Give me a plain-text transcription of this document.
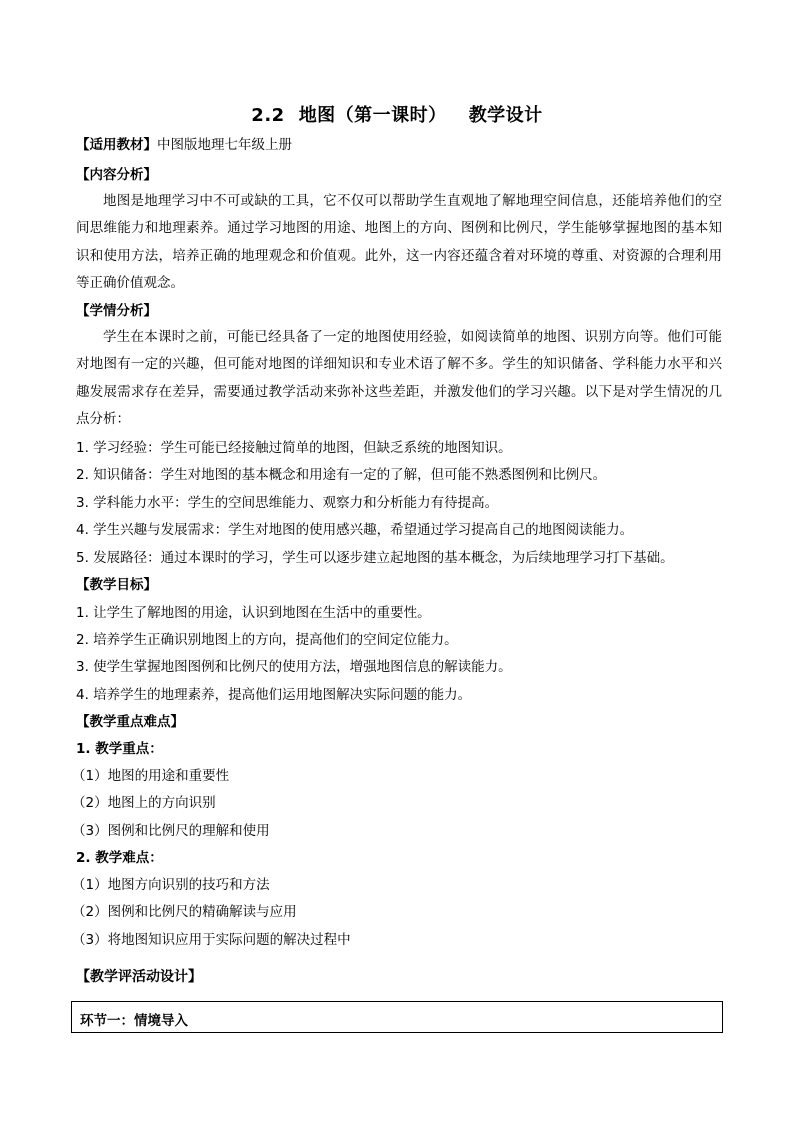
2.2 地图（第一课时） 教学设计
【适用教材】中图版地理七年级上册
【内容分析】
地图是地理学习中不可或缺的工具，它不仅可以帮助学生直观地了解地理空间信息，还能培养他们的空间思维能力和地理素养。通过学习地图的用途、地图上的方向、图例和比例尺，学生能够掌握地图的基本知识和使用方法，培养正确的地理观念和价值观。此外，这一内容还蕴含着对环境的尊重、对资源的合理利用等正确价值观念。
【学情分析】
学生在本课时之前，可能已经具备了一定的地图使用经验，如阅读简单的地图、识别方向等。他们可能对地图有一定的兴趣，但可能对地图的详细知识和专业术语了解不多。学生的知识储备、学科能力水平和兴趣发展需求存在差异，需要通过教学活动来弥补这些差距，并激发他们的学习兴趣。以下是对学生情况的几点分析：
1. 学习经验：学生可能已经接触过简单的地图，但缺乏系统的地图知识。
2. 知识储备：学生对地图的基本概念和用途有一定的了解，但可能不熟悉图例和比例尺。
3. 学科能力水平：学生的空间思维能力、观察力和分析能力有待提高。
4. 学生兴趣与发展需求：学生对地图的使用感兴趣，希望通过学习提高自己的地图阅读能力。
5. 发展路径：通过本课时的学习，学生可以逐步建立起地图的基本概念，为后续地理学习打下基础。
【教学目标】
1. 让学生了解地图的用途，认识到地图在生活中的重要性。
2. 培养学生正确识别地图上的方向，提高他们的空间定位能力。
3. 使学生掌握地图图例和比例尺的使用方法，增强地图信息的解读能力。
4. 培养学生的地理素养，提高他们运用地图解决实际问题的能力。
【教学重点难点】
1. 教学重点：
（1）地图的用途和重要性
（2）地图上的方向识别
（3）图例和比例尺的理解和使用
2. 教学难点：
（1）地图方向识别的技巧和方法
（2）图例和比例尺的精确解读与应用
（3）将地图知识应用于实际问题的解决过程中
【教学评活动设计】
环节一：情境导入
